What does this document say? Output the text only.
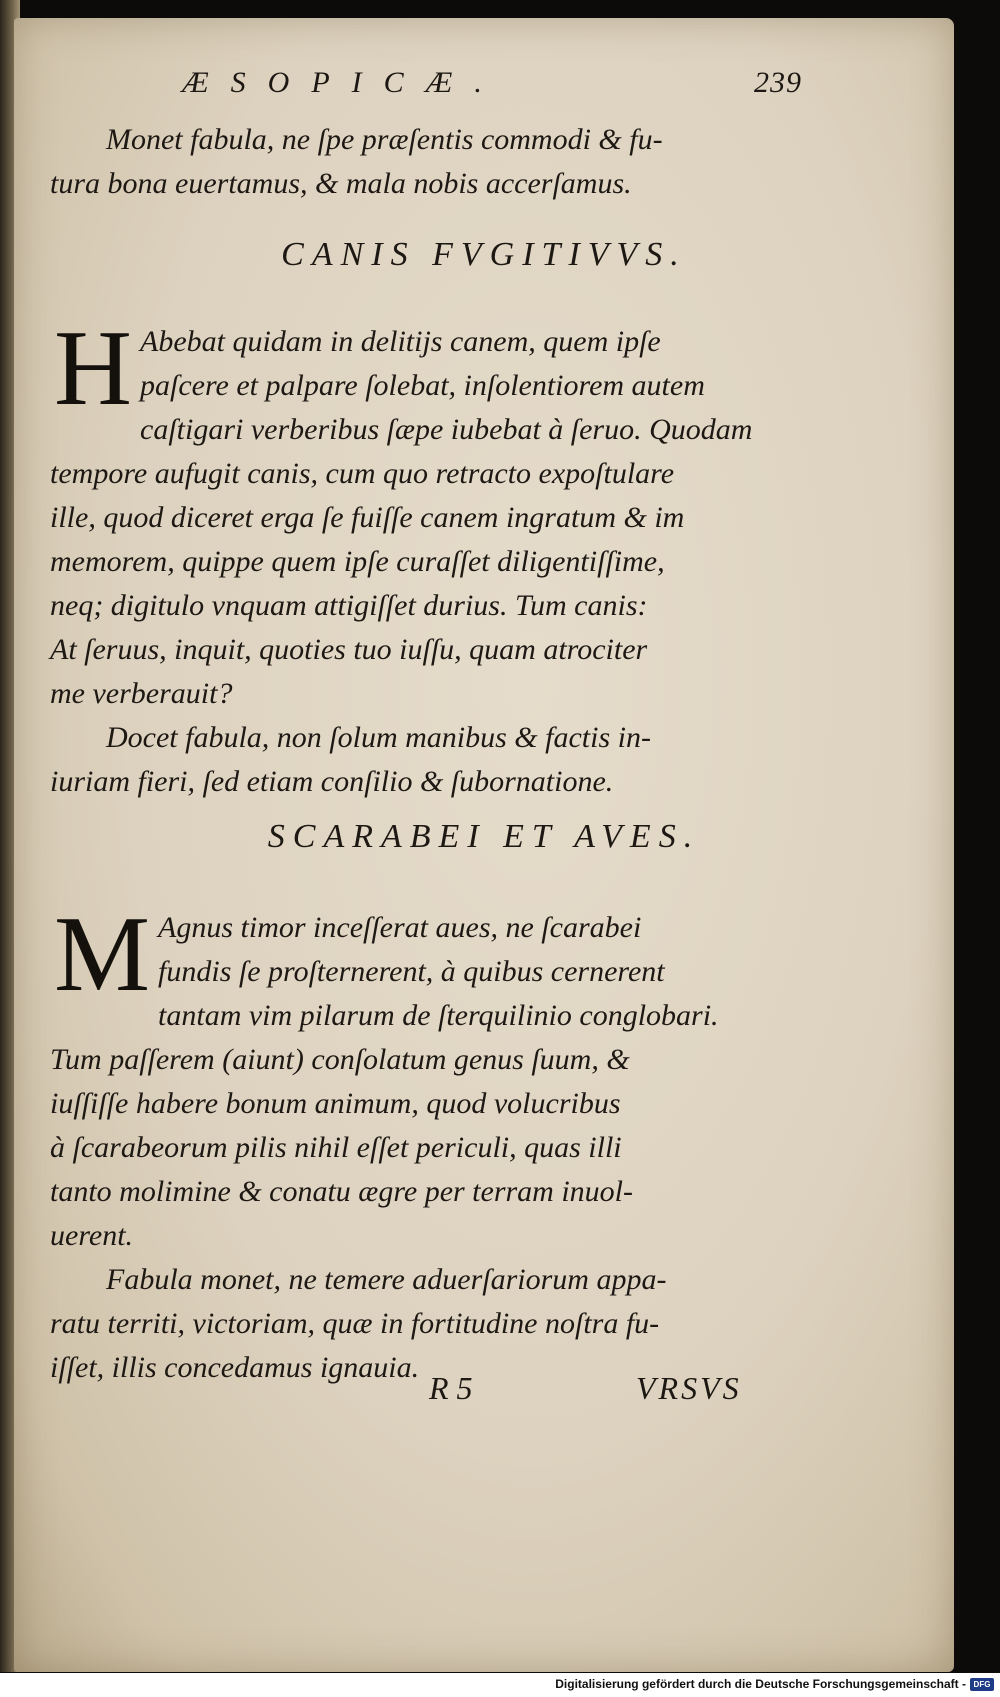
ÆSOPICÆ.	239

Monet fabula, ne ſpe præſentis commodi & fu-

tura bona euertamus, & mala nobis accerſamus.

CANIS FVGITIVVS.
H Abebat quidam in delitijs canem, quem ipſe

paſcere et palpare ſolebat, inſolentiorem autem

caſtigari verberibus ſæpe iubebat à ſeruo. Quodam

tempore aufugit canis, cum quo retracto expoſtulare

ille, quod diceret erga ſe fuiſſe canem ingratum & im

memorem, quippe quem ipſe curaſſet diligentiſſime,

neq; digitulo vnquam attigiſſet durius. Tum canis:

At ſeruus, inquit, quoties tuo iuſſu, quam atrociter

me verberauit?

Docet fabula, non ſolum manibus & factis in-

iuriam fieri, ſed etiam conſilio & ſubornatione.

SCARABEI ET AVES.
M Agnus timor inceſſerat aues, ne ſcarabei

fundis ſe proſternerent, à quibus cernerent

tantam vim pilarum de ſterquilinio conglobari.

Tum paſſerem (aiunt) conſolatum genus ſuum, &

iuſſiſſe habere bonum animum, quod volucribus

à ſcarabeorum pilis nihil eſſet periculi, quas illi

tanto molimine & conatu ægre per terram inuol-

uerent.

Fabula monet, ne temere aduerſariorum appa-

ratu territi, victoriam, quæ in fortitudine noſtra fu-

iſſet, illis concedamus ignauia.

R 5	VRSVS
Digitalisierung gefördert durch die Deutsche Forschungsgemeinschaft - DFG
